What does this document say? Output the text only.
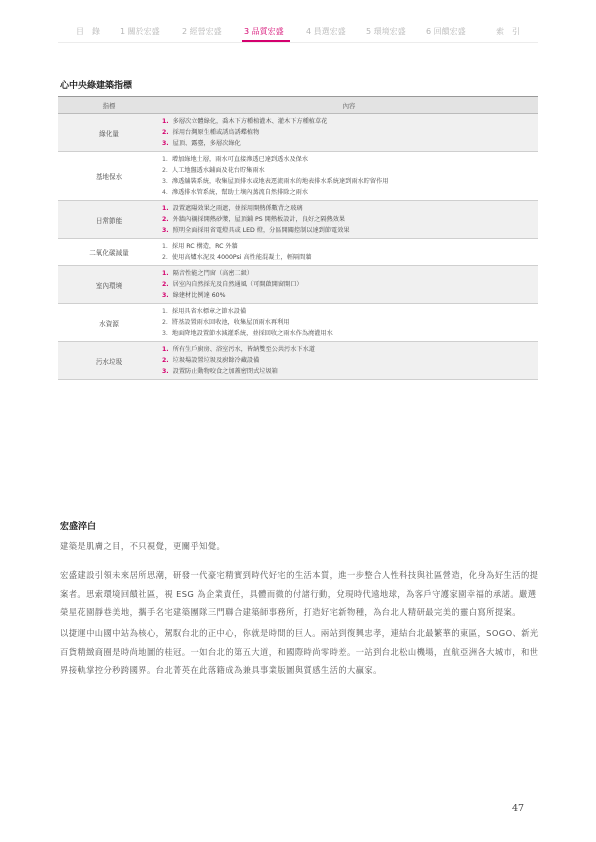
目　錄	1 關於宏盛	2 經營宏盛	3 品質宏盛	4 員選宏盛	5 環境宏盛	6 回饋宏盛	索　引
心中央綠建築指標
指標	內容
綠化量	1. 多層次立體綠化，喬木下方種植灌木、灌木下方種植草花
2. 採用台灣原生種或誘鳥誘蝶植物
3. 屋頂、露臺，多層次綠化

基地保水	1. 增加綠地土層，雨水可直接滲透已達到透水及保水
2. 人工地盤透水鋪面及花台貯集雨水
3. 滲透舖裝系統，收集屋頂排水或地表逕流雨水的地表排水系統達到雨水貯留作用
4. 滲透排水管系統，幫助土壤內蒸流自然排除之雨水

日常節能	1. 設置遮陽效果之雨遮，並採用開熱係數背之玻璃
2. 外牆內襯採開熱砂漿，屋頂鋪 PS 開熱板設計，良好之隔熱效果
3. 照明全面採用省電燈具或 LED 燈，分區開關控制以達到節電效果

二氧化碳減量	1. 採用 RC 構造，RC 外牆
2. 使用高爐水泥及 4000Psi 高性能混凝土，輕隔間牆

室內環境	1. 隔音性能之門窗（高密二級）
2. 居室內自然採光及自然通風（可開啟開窗開口）
3. 綠建材比例達 60%

水資源	1. 採用具省水標章之節水設備
2. 將基設置雨水回收池，收集屋頂雨水再利用
3. 地面降地設置節水減灌系統，並採回收之雨水作為澆灌用水

污水垃圾	1. 所有生戶廚房、浴室污水，皆納雙至公共污水下水道
2. 垃圾場設置垃圾及廚餘冷藏設備
3. 設置防止動物咬食之加蓋密閉式垃圾箱
宏盛淬白
建築是肌膚之目，不只視覺，更關乎知覺。
宏盛建設引領未來居所思潮，研發一代豪宅精實到時代好宅的生活本質，進一步整合人性科技與社區營造，化身為好生活的提案者。思索環境回饋社區，視 ESG 為企業責任，具體而微的付諸行動，兌現時代遠地球，為客戶守護家園幸福的承諾。嚴選榮星花園靜巷美地，攜手名宅建築團隊三門聯合建築師事務所，打造好宅新物種，為台北人精研最完美的靈白寫所提案。
以捷運中山國中站為核心，駕馭台北的正中心，你就是時間的巨人。兩站到復興忠孝，連結台北最繁華的東區，SOGO、新光百貨精緻商圈是時尚地圖的桂冠。一如台北的第五大道，和國際時尚零時差。一站到台北松山機場，直航亞洲各大城市，和世界接軌掌控分秒跨國界。台北菁英在此落籍成為兼具事業版圖與質感生活的大贏家。
47
